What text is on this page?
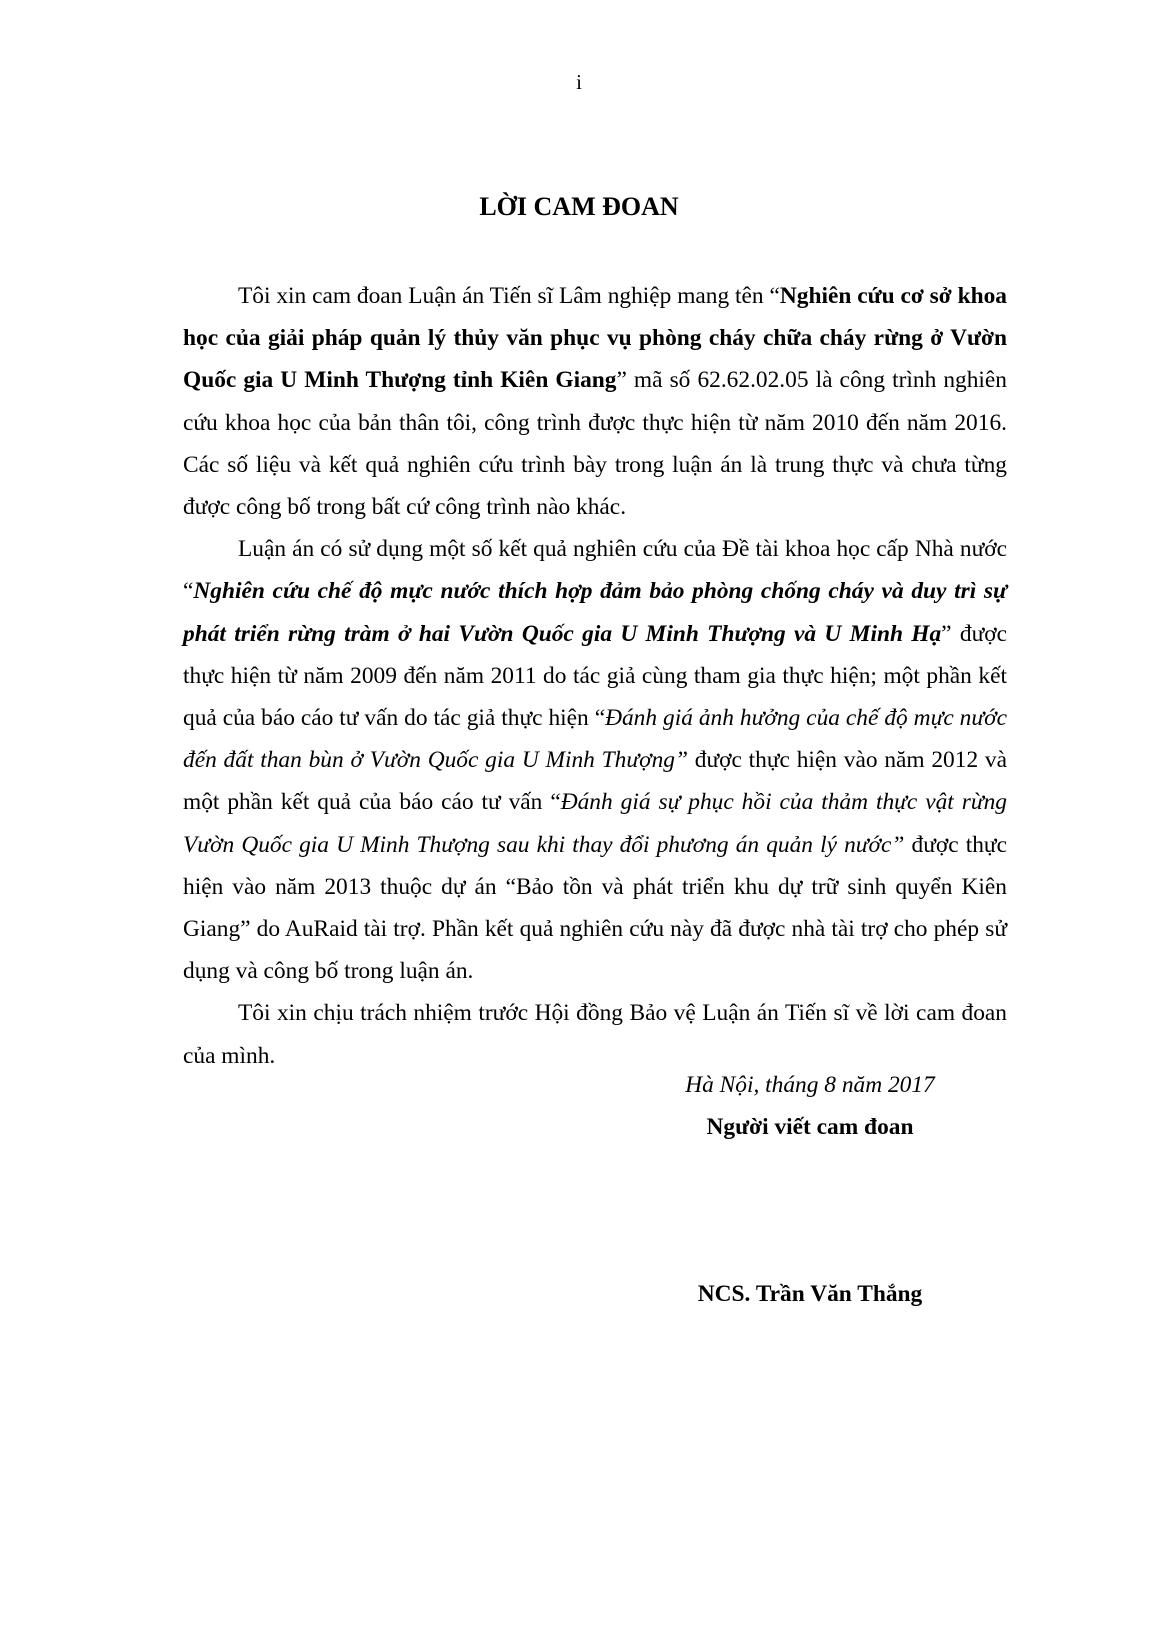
i
LỜI CAM ĐOAN

Tôi xin cam đoan Luận án Tiến sĩ Lâm nghiệp mang tên “Nghiên cứu cơ sở khoa học của giải pháp quản lý thủy văn phục vụ phòng cháy chữa cháy rừng ở Vườn Quốc gia U Minh Thượng tỉnh Kiên Giang” mã số 62.62.02.05 là công trình nghiên cứu khoa học của bản thân tôi, công trình được thực hiện từ năm 2010 đến năm 2016. Các số liệu và kết quả nghiên cứu trình bày trong luận án là trung thực và chưa từng được công bố trong bất cứ công trình nào khác.

Luận án có sử dụng một số kết quả nghiên cứu của Đề tài khoa học cấp Nhà nước “Nghiên cứu chế độ mực nước thích hợp đảm bảo phòng chống cháy và duy trì sự phát triển rừng tràm ở hai Vườn Quốc gia U Minh Thượng và U Minh Hạ” được thực hiện từ năm 2009 đến năm 2011 do tác giả cùng tham gia thực hiện; một phần kết quả của báo cáo tư vấn do tác giả thực hiện “Đánh giá ảnh hưởng của chế độ mực nước đến đất than bùn ở Vườn Quốc gia U Minh Thượng” được thực hiện vào năm 2012 và một phần kết quả của báo cáo tư vấn “Đánh giá sự phục hồi của thảm thực vật rừng Vườn Quốc gia U Minh Thượng sau khi thay đổi phương án quản lý nước” được thực hiện vào năm 2013 thuộc dự án “Bảo tồn và phát triển khu dự trữ sinh quyển Kiên Giang” do AuRaid tài trợ. Phần kết quả nghiên cứu này đã được nhà tài trợ cho phép sử dụng và công bố trong luận án.

Tôi xin chịu trách nhiệm trước Hội đồng Bảo vệ Luận án Tiến sĩ về lời cam đoan của mình.

Hà Nội, tháng 8 năm 2017
Người viết cam đoan
NCS. Trần Văn Thắng
